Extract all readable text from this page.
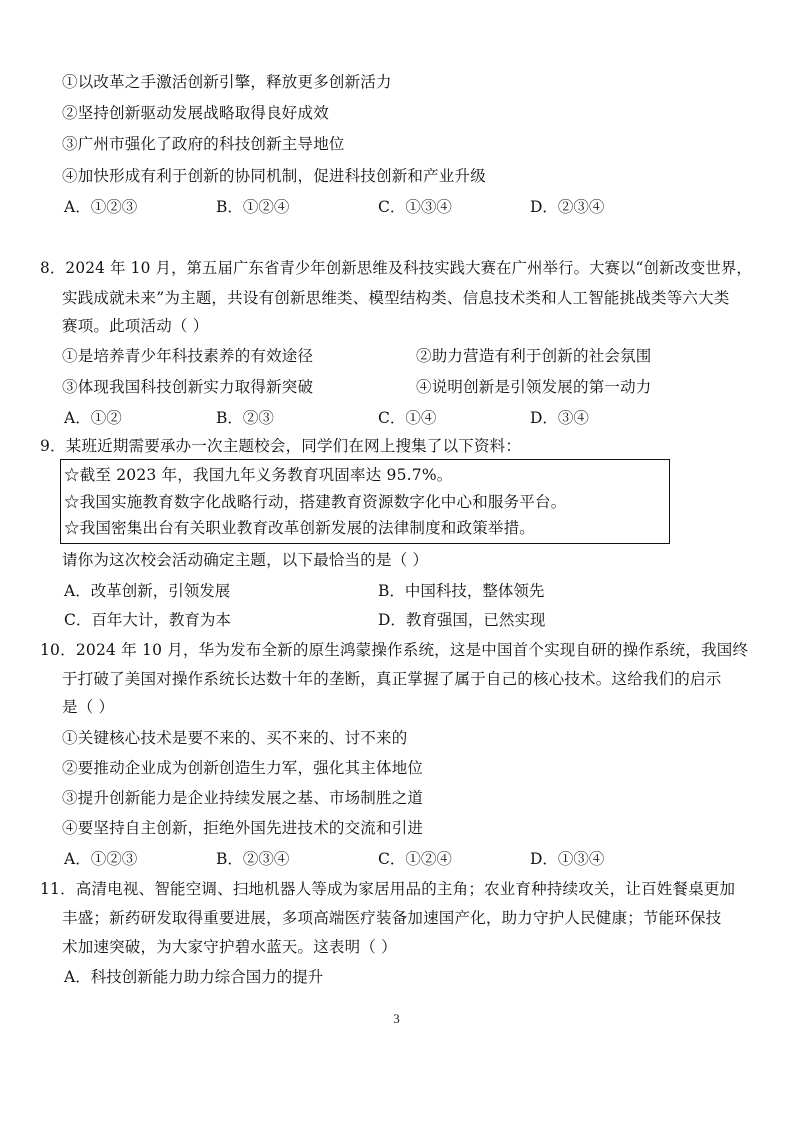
①以改革之手激活创新引擎，释放更多创新活力
②坚持创新驱动发展战略取得良好成效
③广州市强化了政府的科技创新主导地位
④加快形成有利于创新的协同机制，促进科技创新和产业升级
A．①②③	B．①②④	C．①③④	D．②③④
8．2024 年 10 月，第五届广东省青少年创新思维及科技实践大赛在广州举行。大赛以“创新改变世界，
实践成就未来”为主题，共设有创新思维类、模型结构类、信息技术类和人工智能挑战类等六大类
赛项。此项活动（ ）
①是培养青少年科技素养的有效途径	②助力营造有利于创新的社会氛围
③体现我国科技创新实力取得新突破	④说明创新是引领发展的第一动力
A．①②	B．②③	C．①④	D．③④
9．某班近期需要承办一次主题校会，同学们在网上搜集了以下资料：
☆截至 2023 年，我国九年义务教育巩固率达 95.7%。
☆我国实施教育数字化战略行动，搭建教育资源数字化中心和服务平台。
☆我国密集出台有关职业教育改革创新发展的法律制度和政策举措。
请你为这次校会活动确定主题，以下最恰当的是（ ）
A．改革创新，引领发展	B．中国科技，整体领先
C．百年大计，教育为本	D．教育强国，已然实现
10．2024 年 10 月，华为发布全新的原生鸿蒙操作系统，这是中国首个实现自研的操作系统，我国终
于打破了美国对操作系统长达数十年的垄断，真正掌握了属于自己的核心技术。这给我们的启示
是（ ）
①关键核心技术是要不来的、买不来的、讨不来的
②要推动企业成为创新创造生力军，强化其主体地位
③提升创新能力是企业持续发展之基、市场制胜之道
④要坚持自主创新，拒绝外国先进技术的交流和引进
A．①②③	B．②③④	C．①②④	D．①③④
11．高清电视、智能空调、扫地机器人等成为家居用品的主角；农业育种持续攻关，让百姓餐桌更加
丰盛；新药研发取得重要进展，多项高端医疗装备加速国产化，助力守护人民健康；节能环保技
术加速突破，为大家守护碧水蓝天。这表明（ ）
A．科技创新能力助力综合国力的提升
3
